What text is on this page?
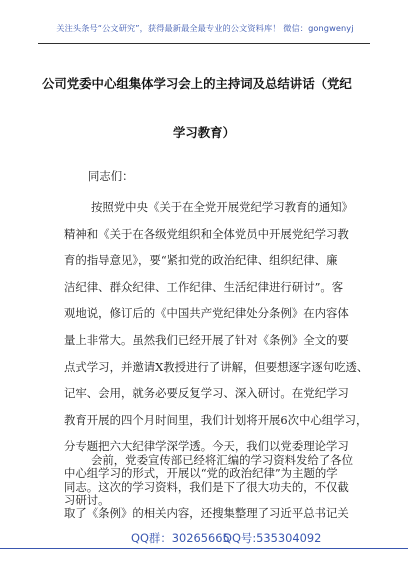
关注头条号“公文研究”，获得最新最全最专业的公文资料库！ 微信：gongwenyj
公司党委中心组集体学习会上的主持词及总结讲话（党纪
学习教育）
同志们：
按照党中央《关于在全党开展党纪学习教育的通知》
精神和《关于在各级党组织和全体党员中开展党纪学习教
育的指导意见》，要“紧扣党的政治纪律、组织纪律、廉
洁纪律、群众纪律、工作纪律、生活纪律进行研讨”。客
观地说，修订后的《中国共产党纪律处分条例》在内容体
量上非常大。虽然我们已经开展了针对《条例》全文的要
点式学习，并邀请X教授进行了讲解，但要想逐字逐句吃透、
记牢、会用，就务必要反复学习、深入研讨。在党纪学习
教育开展的四个月时间里，我们计划将开展6次中心组学习，
分专题把六大纪律学深学透。今天，我们以党委理论学习
中心组学习的形式，开展以“党的政治纪律”为主题的学
习研讨。
会前，党委宣传部已经将汇编的学习资料发给了各位
同志。这次的学习资料，我们是下了很大功夫的，不仅截
取了《条例》的相关内容，还搜集整理了习近平总书记关
QQ群：30265665
QQ号:535304092
